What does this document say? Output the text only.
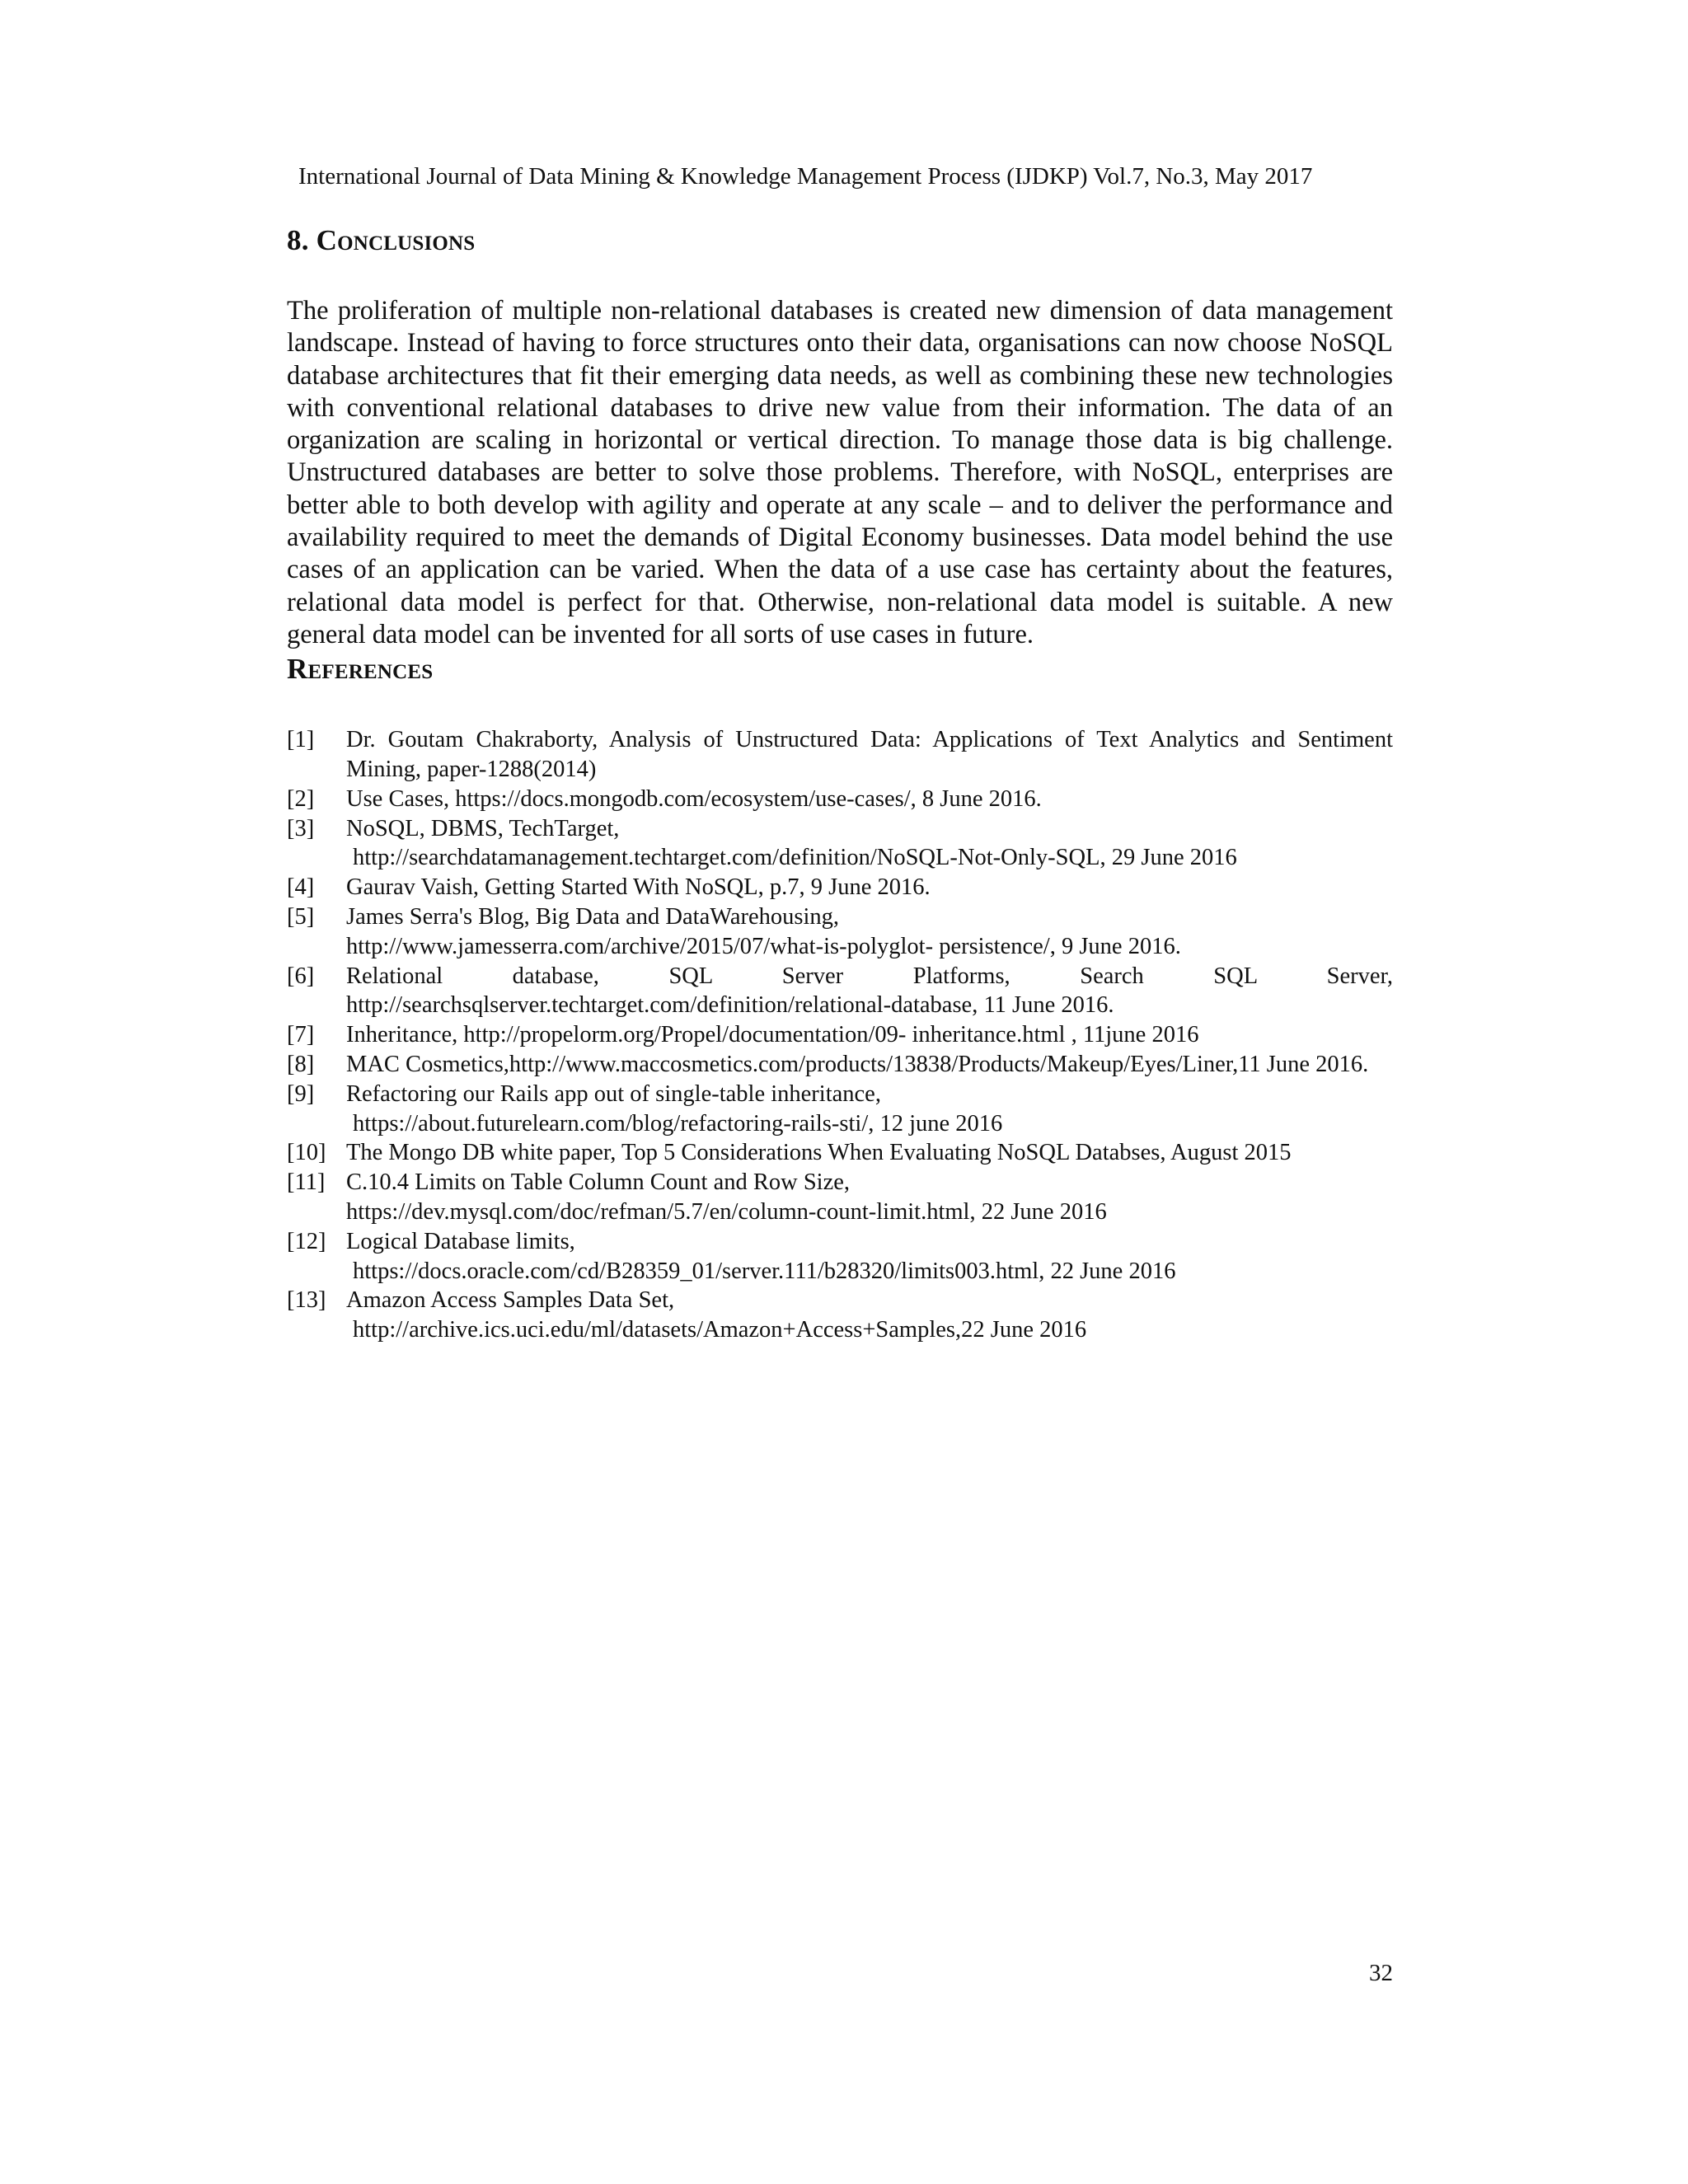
International Journal of Data Mining & Knowledge Management Process (IJDKP) Vol.7, No.3, May 2017
8. Conclusions

The proliferation of multiple non-relational databases is created new dimension of data management landscape. Instead of having to force structures onto their data, organisations can now choose NoSQL database architectures that fit their emerging data needs, as well as combining these new technologies with conventional relational databases to drive new value from their information. The data of an organization are scaling in horizontal or vertical direction. To manage those data is big challenge. Unstructured databases are better to solve those problems. Therefore, with NoSQL, enterprises are better able to both develop with agility and operate at any scale – and to deliver the performance and availability required to meet the demands of Digital Economy businesses. Data model behind the use cases of an application can be varied. When the data of a use case has certainty about the features, relational data model is perfect for that. Otherwise, non-relational data model is suitable. A new general data model can be invented for all sorts of use cases in future.

References
[1]	Dr. Goutam Chakraborty, Analysis of Unstructured Data: Applications of Text Analytics and Sentiment Mining, paper-1288(2014)
[2]	Use Cases, https://docs.mongodb.com/ecosystem/use-cases/, 8 June 2016.
[3]	NoSQL, DBMS, TechTarget,
http://searchdatamanagement.techtarget.com/definition/NoSQL-Not-Only-SQL, 29 June 2016
[4]	Gaurav Vaish, Getting Started With NoSQL, p.7, 9 June 2016.
[5]	James Serra's Blog, Big Data and DataWarehousing,
http://www.jamesserra.com/archive/2015/07/what-is-polyglot- persistence/, 9 June 2016.
[6]	Relational database, SQL Server Platforms, Search SQL Server, http://searchsqlserver.techtarget.com/definition/relational-database, 11 June 2016.
[7]	Inheritance, http://propelorm.org/Propel/documentation/09- inheritance.html , 11june 2016
[8]	MAC Cosmetics,http://www.maccosmetics.com/products/13838/Products/Makeup/Eyes/Liner,11 June 2016.
[9]	Refactoring our Rails app out of single-table inheritance,
https://about.futurelearn.com/blog/refactoring-rails-sti/, 12 june 2016
[10] The Mongo DB white paper, Top 5 Considerations When Evaluating NoSQL Databses, August 2015
[11] C.10.4 Limits on Table Column Count and Row Size,
https://dev.mysql.com/doc/refman/5.7/en/column-count-limit.html, 22 June 2016
[12] Logical Database limits,
https://docs.oracle.com/cd/B28359_01/server.111/b28320/limits003.html, 22 June 2016
[13] Amazon Access Samples Data Set,
http://archive.ics.uci.edu/ml/datasets/Amazon+Access+Samples,22 June 2016
32
